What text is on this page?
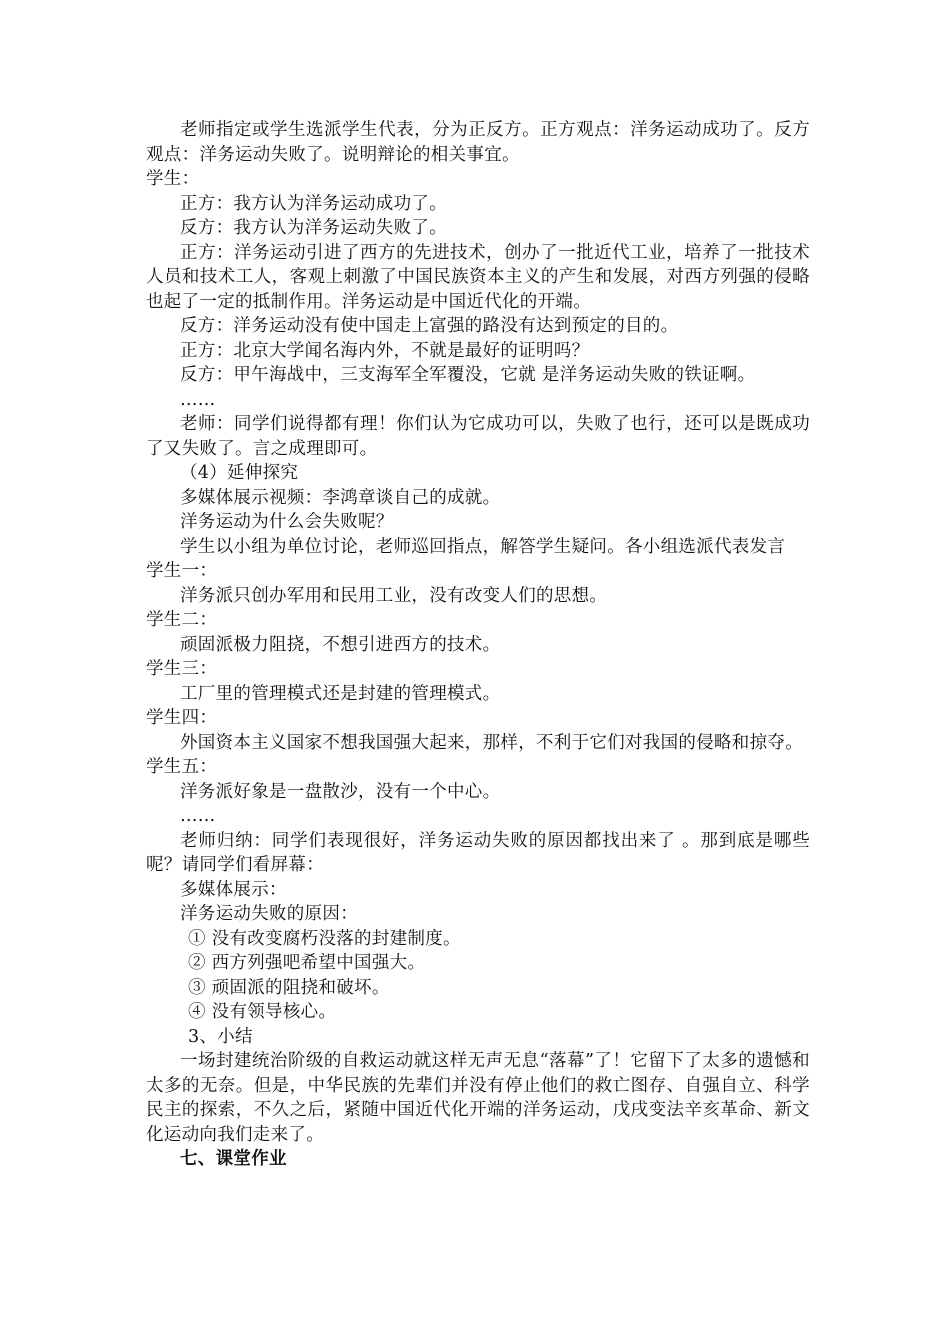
老师指定或学生选派学生代表，分为正反方。正方观点：洋务运动成功了。反方观点：洋务运动失败了。说明辩论的相关事宜。

学生：

正方：我方认为洋务运动成功了。

反方：我方认为洋务运动失败了。

正方：洋务运动引进了西方的先进技术，创办了一批近代工业，培养了一批技术人员和技术工人，客观上刺激了中国民族资本主义的产生和发展，对西方列强的侵略也起了一定的抵制作用。洋务运动是中国近代化的开端。

反方：洋务运动没有使中国走上富强的路没有达到预定的目的。

正方：北京大学闻名海内外，不就是最好的证明吗？

反方：甲午海战中，三支海军全军覆没，它就 是洋务运动失败的铁证啊。

……

老师：同学们说得都有理！你们认为它成功可以，失败了也行，还可以是既成功了又失败了。言之成理即可。

（4）延伸探究

多媒体展示视频：李鸿章谈自己的成就。

洋务运动为什么会失败呢？

学生以小组为单位讨论，老师巡回指点，解答学生疑问。各小组选派代表发言

学生一：

洋务派只创办军用和民用工业，没有改变人们的思想。

学生二：

顽固派极力阻挠，不想引进西方的技术。

学生三：

工厂里的管理模式还是封建的管理模式。

学生四：

外国资本主义国家不想我国强大起来，那样，不利于它们对我国的侵略和掠夺。

学生五：

洋务派好象是一盘散沙，没有一个中心。

……

老师归纳：同学们表现很好，洋务运动失败的原因都找出来了 。那到底是哪些呢？请同学们看屏幕：

多媒体展示：

洋务运动失败的原因：

① 没有改变腐朽没落的封建制度。

② 西方列强吧希望中国强大。

③ 顽固派的阻挠和破坏。

④ 没有领导核心。

3、小结

一场封建统治阶级的自救运动就这样无声无息“落幕”了！它留下了太多的遗憾和太多的无奈。但是，中华民族的先辈们并没有停止他们的救亡图存、自强自立、科学民主的探索，不久之后，紧随中国近代化开端的洋务运动，戊戌变法辛亥革命、新文化运动向我们走来了。

七、课堂作业
